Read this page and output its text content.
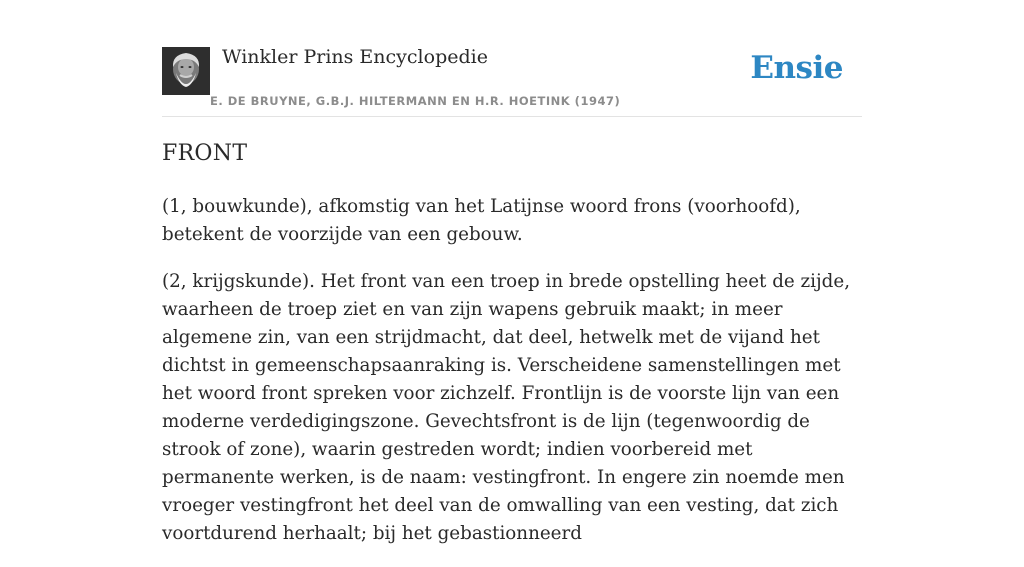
Winkler Prins Encyclopedie
E. DE BRUYNE, G.B.J. HILTERMANN EN H.R. HOETINK (1947)
Ensie
FRONT

(1, bouwkunde), afkomstig van het Latijnse woord frons (voorhoofd), betekent de voorzijde van een gebouw.

(2, krijgskunde). Het front van een troep in brede opstelling heet de zijde, waarheen de troep ziet en van zijn wapens gebruik maakt; in meer algemene zin, van een strijdmacht, dat deel, hetwelk met de vijand het dichtst in gemeenschapsaanraking is. Verscheidene samenstellingen met het woord front spreken voor zichzelf. Frontlijn is de voorste lijn van een moderne verdedigingszone. Gevechtsfront is de lijn (tegenwoordig de strook of zone), waarin gestreden wordt; indien voorbereid met permanente werken, is de naam: vestingfront. In engere zin noemde men vroeger vestingfront het deel van de omwalling van een vesting, dat zich voortdurend herhaalt; bij het gebastionneerd
